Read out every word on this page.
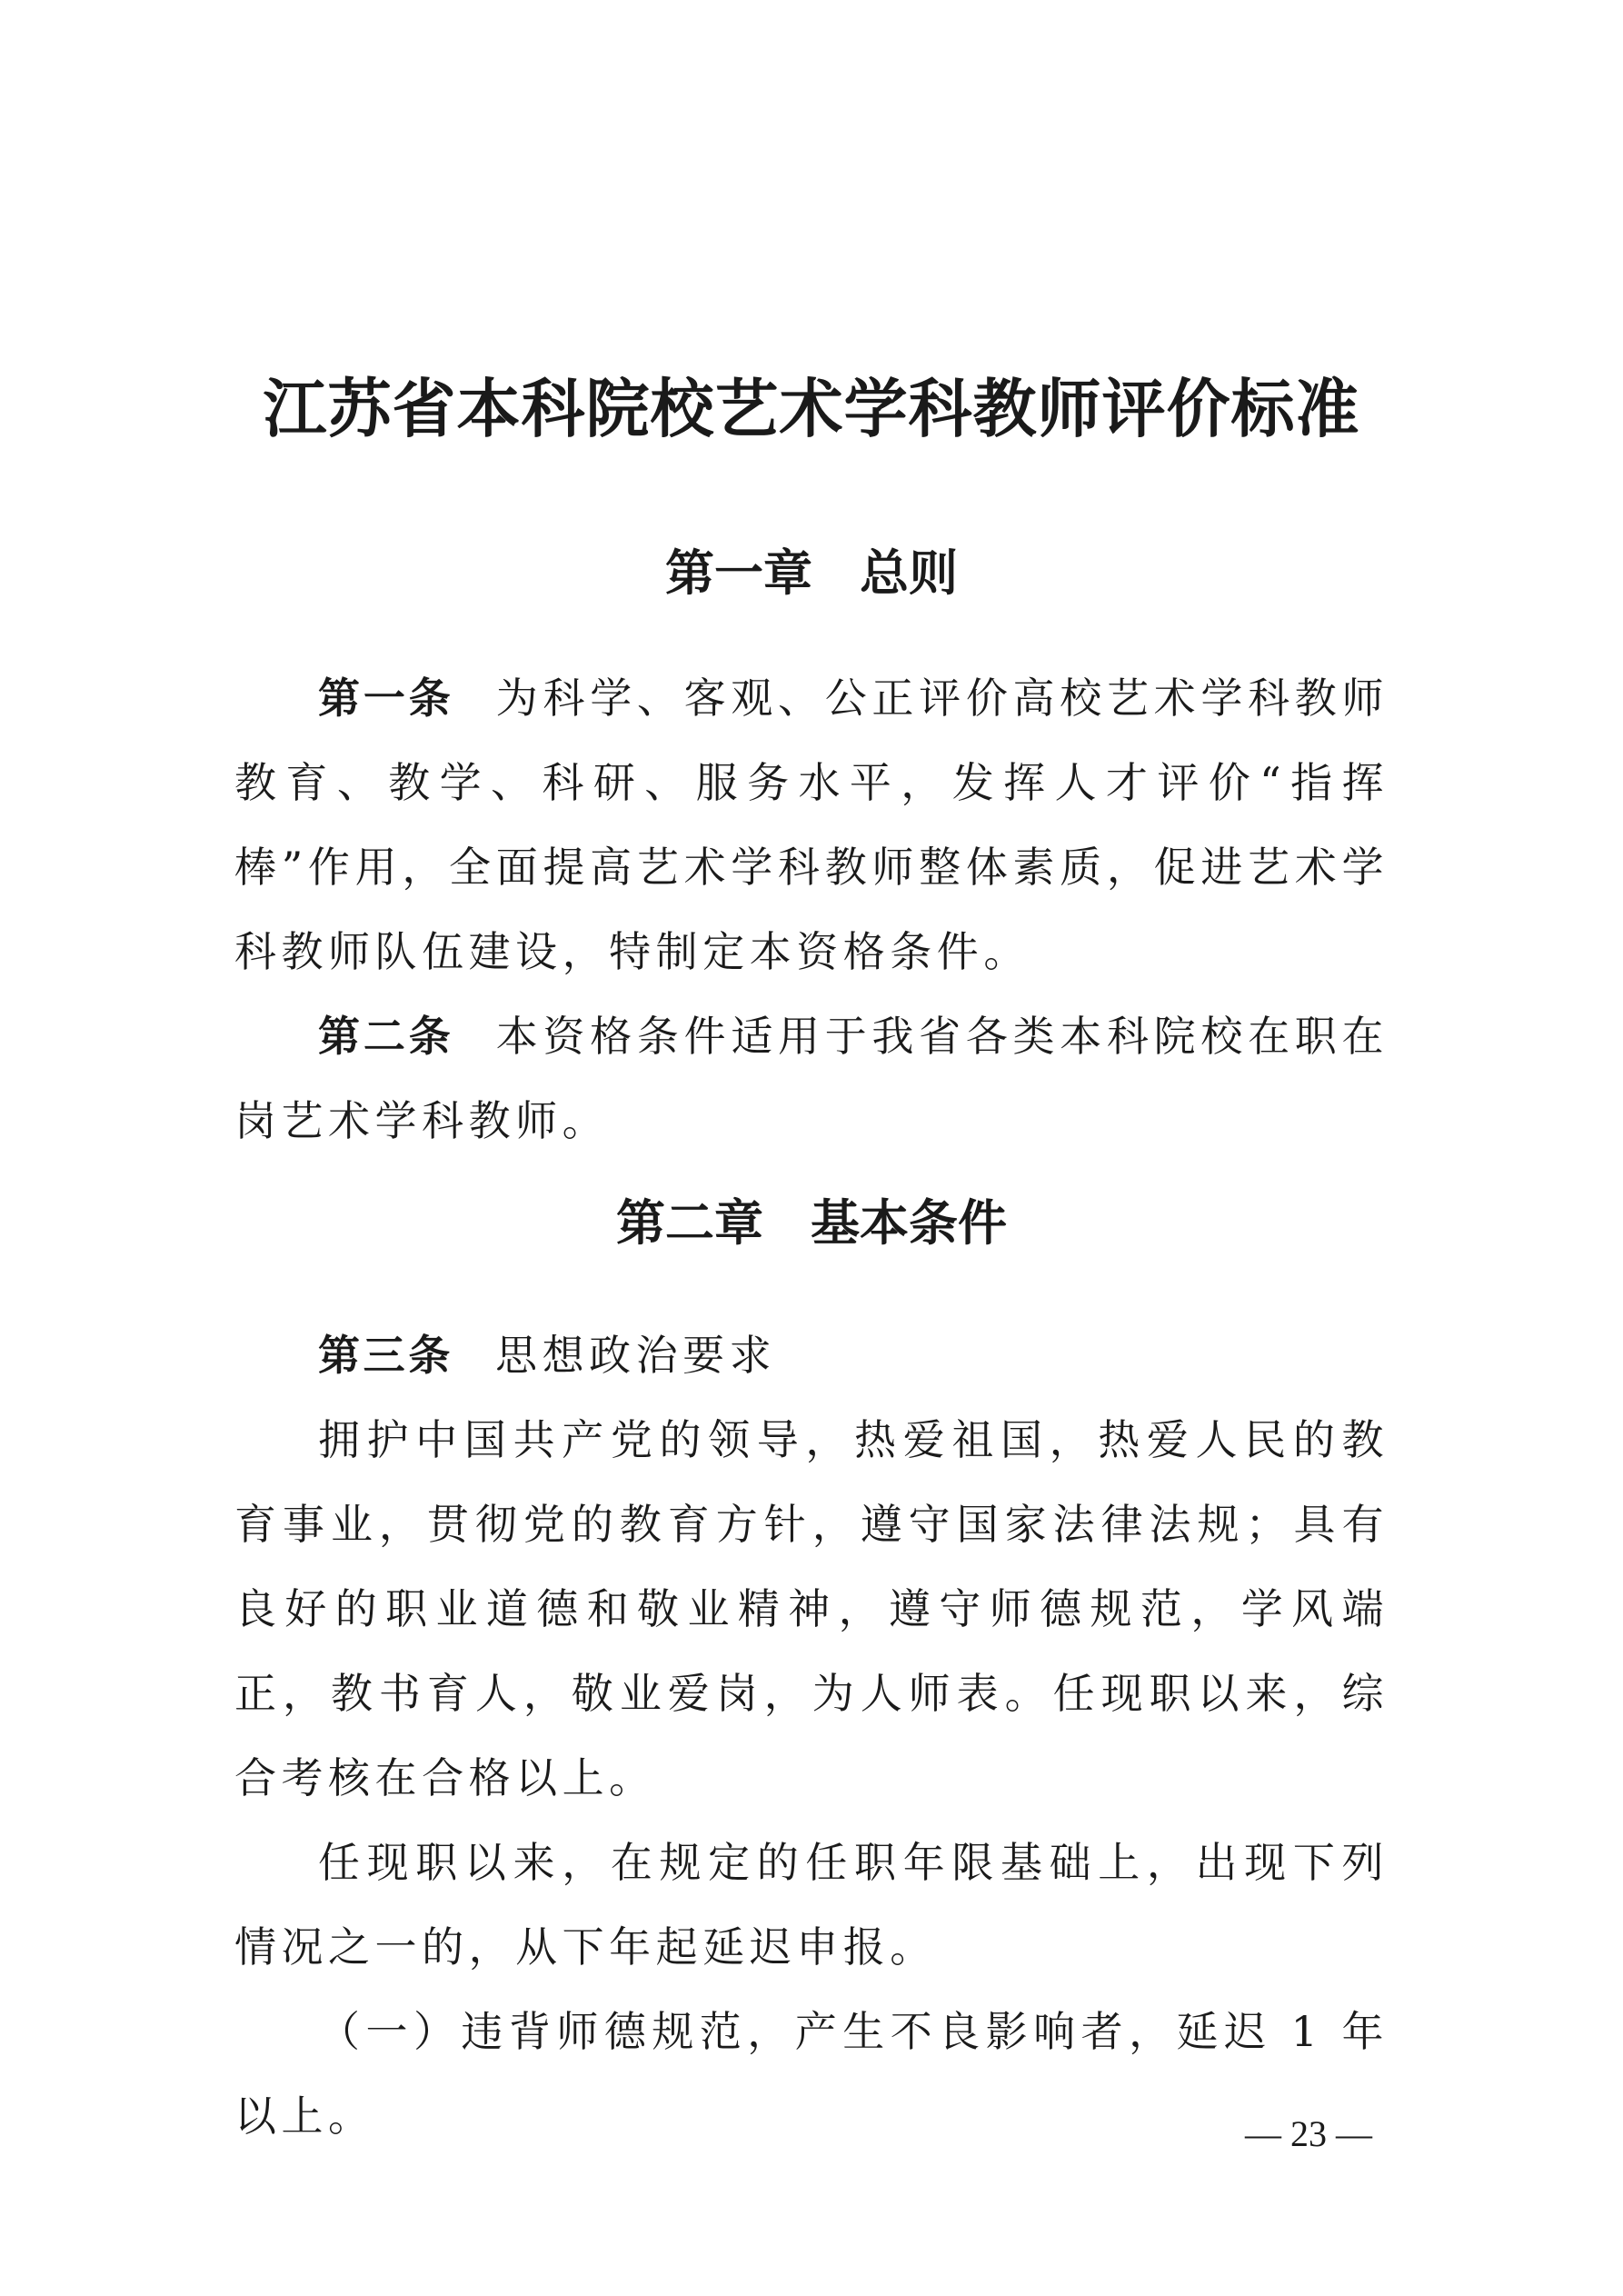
江苏省本科院校艺术学科教师评价标准
第一章 总则

第一条 为科学、客观、公正评价高校艺术学科教师教育、教学、科研、服务水平，发挥人才评价“指挥棒”作用，全面提高艺术学科教师整体素质，促进艺术学科教师队伍建设，特制定本资格条件。

第二条 本资格条件适用于我省各类本科院校在职在岗艺术学科教师。

第二章 基本条件

第三条 思想政治要求

拥护中国共产党的领导，热爱祖国，热爱人民的教育事业，贯彻党的教育方针，遵守国家法律法规；具有良好的职业道德和敬业精神，遵守师德规范，学风端正，教书育人，敬业爱岗，为人师表。任现职以来，综合考核在合格以上。

任现职以来，在规定的任职年限基础上，出现下列情况之一的，从下年起延迟申报。

（一）违背师德规范，产生不良影响者，延迟 1 年以上。	— 23 —
